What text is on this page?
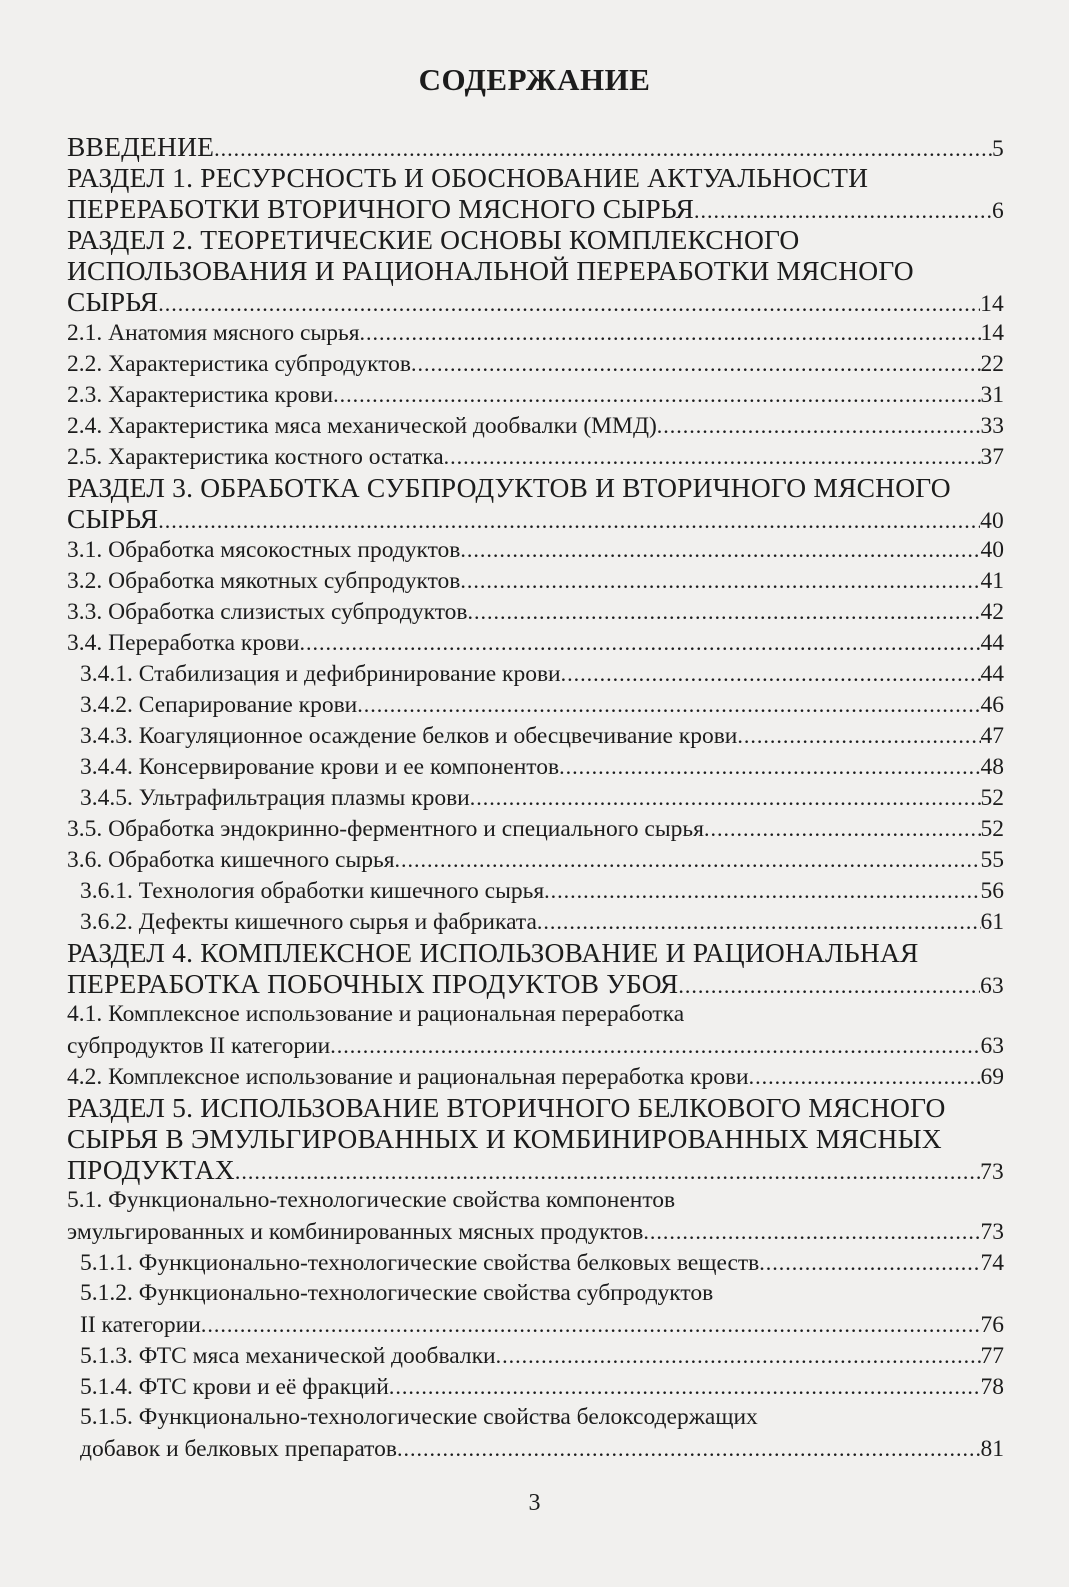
СОДЕРЖАНИЕ
ВВЕДЕНИЕ .....	5
РАЗДЕЛ 1. РЕСУРСНОСТЬ И ОБОСНОВАНИЕ АКТУАЛЬНОСТИ
ПЕРЕРАБОТКИ ВТОРИЧНОГО МЯСНОГО СЫРЬЯ .....	6
РАЗДЕЛ 2. ТЕОРЕТИЧЕСКИЕ ОСНОВЫ КОМПЛЕКСНОГО
ИСПОЛЬЗОВАНИЯ И РАЦИОНАЛЬНОЙ ПЕРЕРАБОТКИ МЯСНОГО
СЫРЬЯ .....	14
2.1. Анатомия мясного сырья .....	14
2.2. Характеристика субпродуктов .....	22
2.3. Характеристика крови .....	31
2.4. Характеристика мяса механической дообвалки (ММД) .....	33
2.5. Характеристика костного остатка .....	37
РАЗДЕЛ 3. ОБРАБОТКА СУБПРОДУКТОВ И ВТОРИЧНОГО МЯСНОГО
СЫРЬЯ .....	40
3.1. Обработка мясокостных продуктов .....	40
3.2. Обработка мякотных субпродуктов .....	41
3.3. Обработка слизистых субпродуктов .....	42
3.4. Переработка крови .....	44
3.4.1. Стабилизация и дефибринирование крови .....	44
3.4.2. Сепарирование крови .....	46
3.4.3. Коагуляционное осаждение белков и обесцвечивание крови .....	47
3.4.4. Консервирование крови и ее компонентов .....	48
3.4.5. Ультрафильтрация плазмы крови .....	52
3.5. Обработка эндокринно-ферментного и специального сырья .....	52
3.6. Обработка кишечного сырья .....	55
3.6.1. Технология обработки кишечного сырья .....	56
3.6.2. Дефекты кишечного сырья и фабриката .....	61
РАЗДЕЛ 4. КОМПЛЕКСНОЕ ИСПОЛЬЗОВАНИЕ И РАЦИОНАЛЬНАЯ
ПЕРЕРАБОТКА ПОБОЧНЫХ ПРОДУКТОВ УБОЯ .....	63
4.1. Комплексное использование и рациональная переработка
субпродуктов II категории .....	63
4.2. Комплексное использование и рациональная переработка крови .....	69
РАЗДЕЛ 5. ИСПОЛЬЗОВАНИЕ ВТОРИЧНОГО БЕЛКОВОГО МЯСНОГО
СЫРЬЯ В ЭМУЛЬГИРОВАННЫХ И КОМБИНИРОВАННЫХ МЯСНЫХ
ПРОДУКТАХ .....	73
5.1. Функционально-технологические свойства компонентов
эмульгированных и комбинированных мясных продуктов .....	73
5.1.1. Функционально-технологические свойства белковых веществ .....	74
5.1.2. Функционально-технологические свойства субпродуктов
II категории .....	76
5.1.3. ФТС мяса механической дообвалки .....	77
5.1.4. ФТС крови и её фракций .....	78
5.1.5. Функционально-технологические свойства белоксодержащих
добавок и белковых препаратов .....	81
3
